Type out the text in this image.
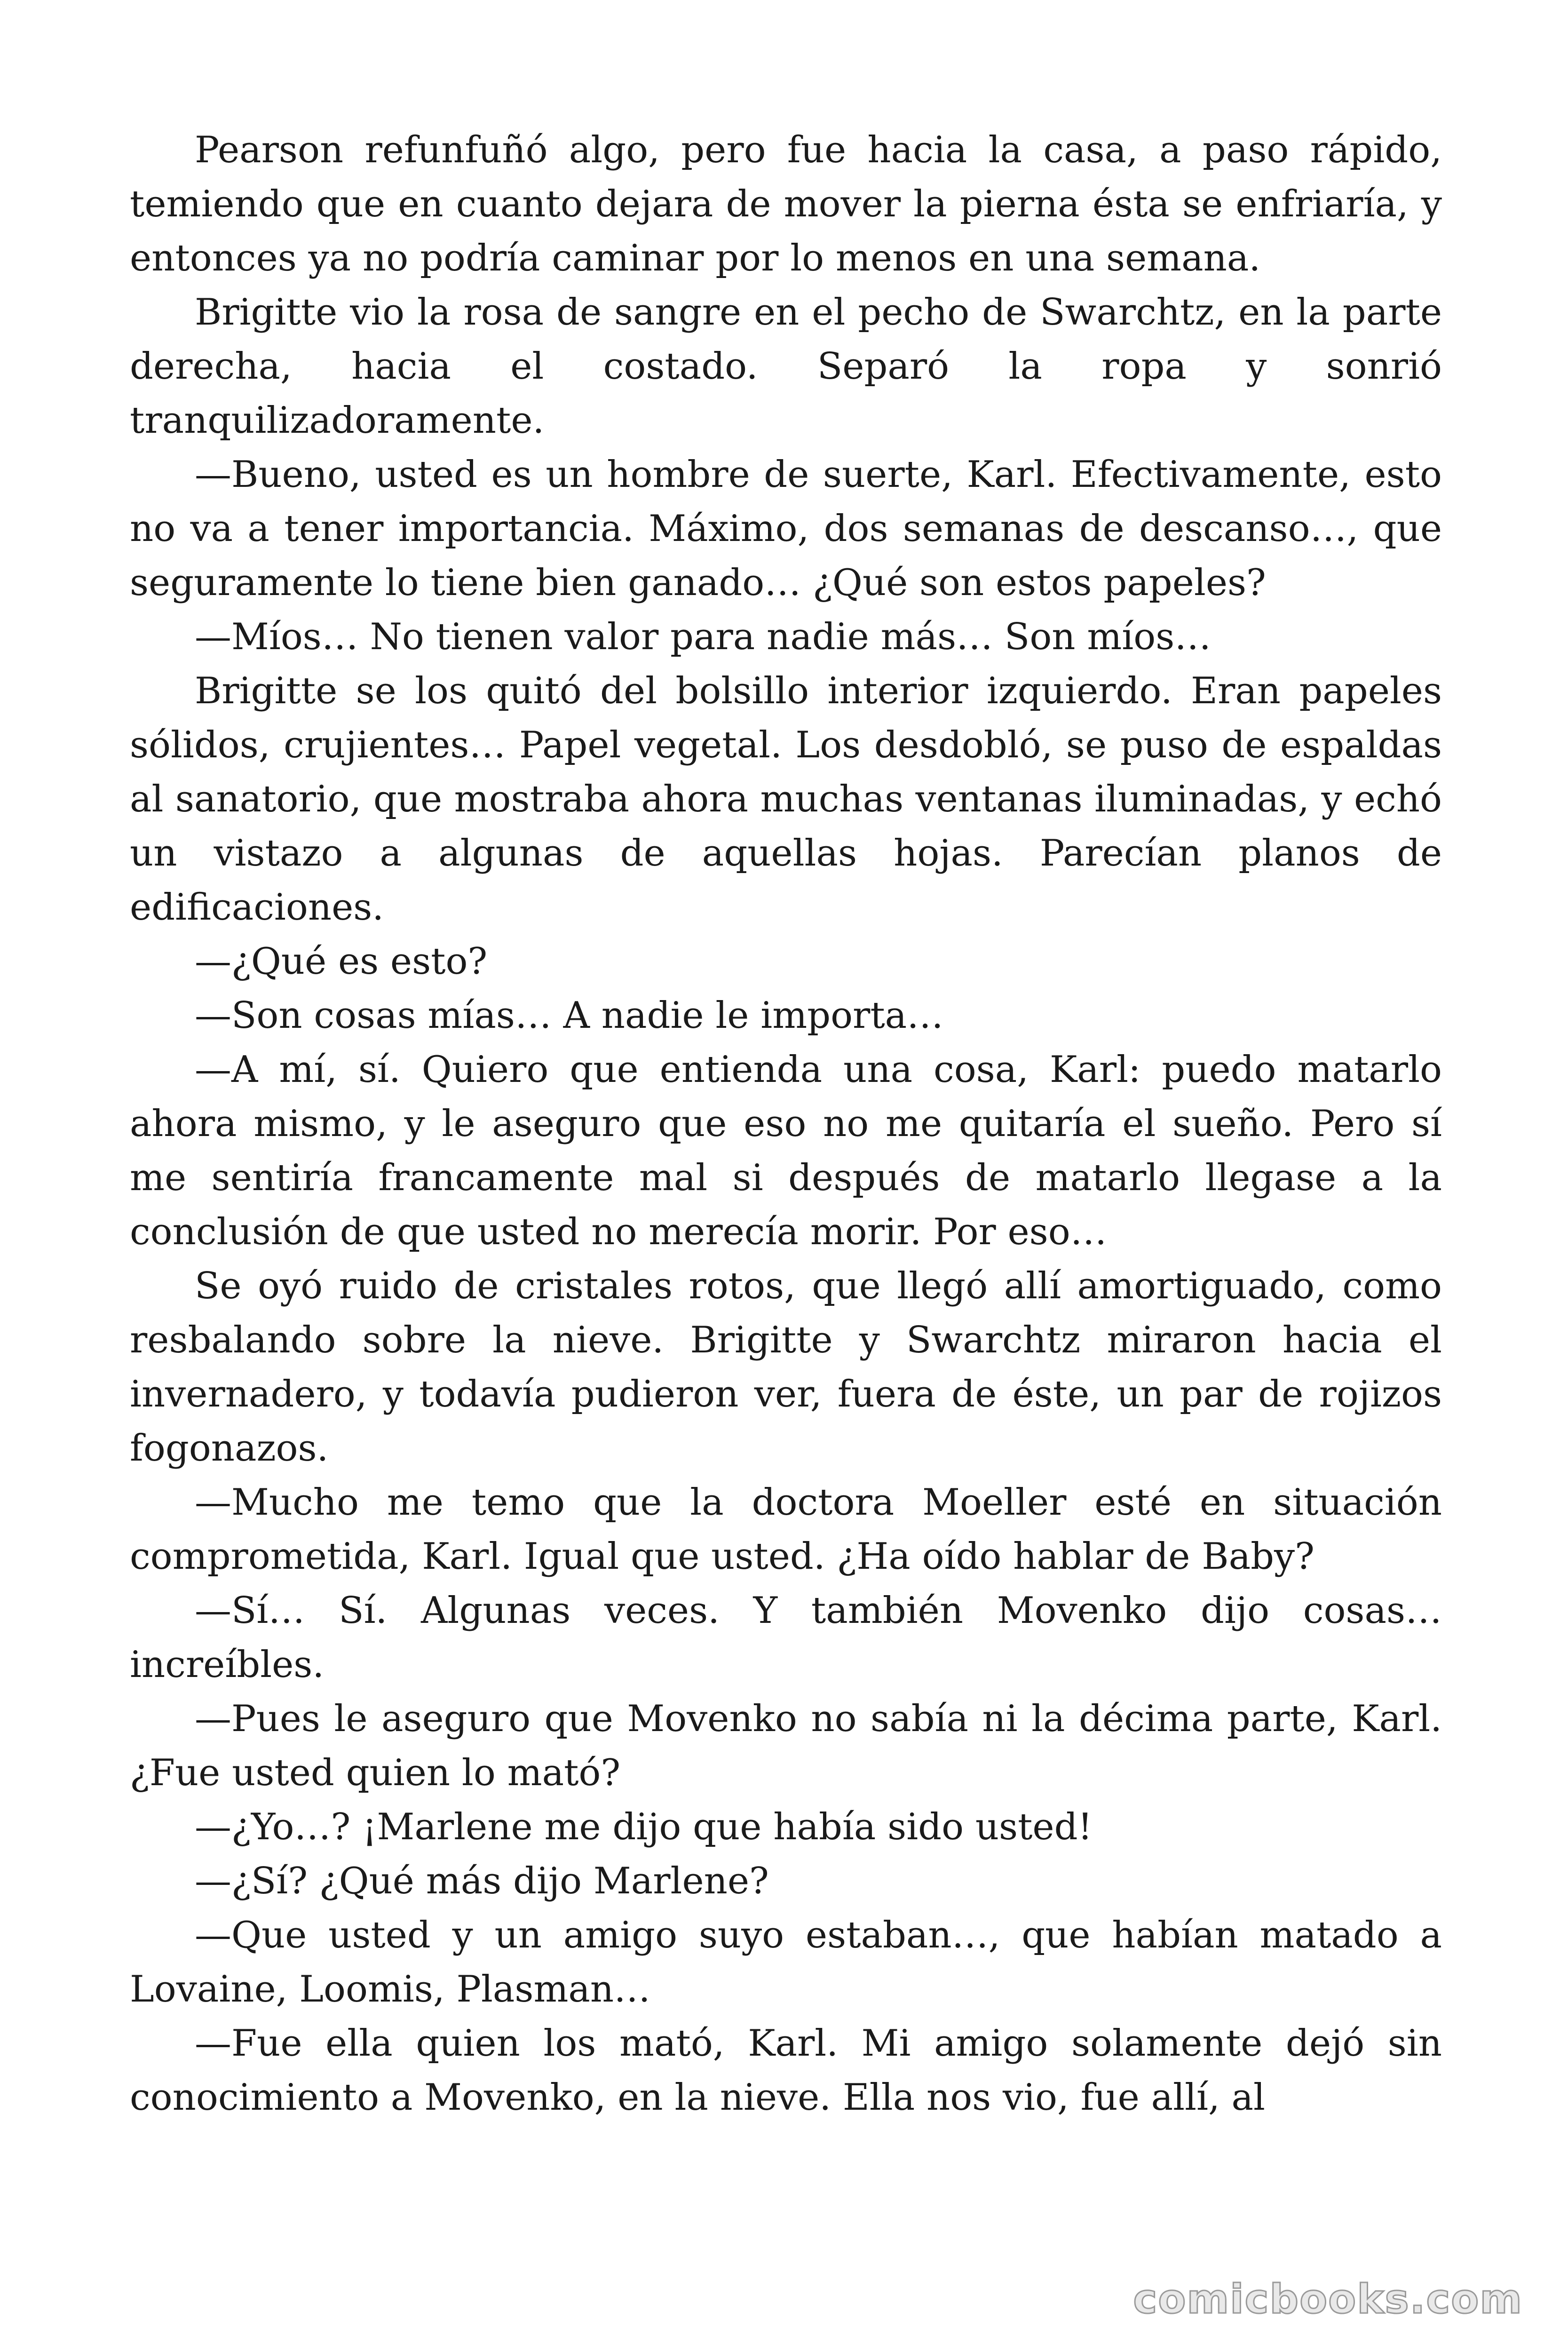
Pearson refunfuñó algo, pero fue hacia la casa, a paso rápido, temiendo que en cuanto dejara de mover la pierna ésta se enfriaría, y entonces ya no podría caminar por lo menos en una semana.

Brigitte vio la rosa de sangre en el pecho de Swarchtz, en la parte derecha, hacia el costado. Separó la ropa y sonrió tranquilizadoramente.

—Bueno, usted es un hombre de suerte, Karl. Efectivamente, esto no va a tener importancia. Máximo, dos semanas de descanso…, que seguramente lo tiene bien ganado… ¿Qué son estos papeles?

—Míos… No tienen valor para nadie más… Son míos…

Brigitte se los quitó del bolsillo interior izquierdo. Eran papeles sólidos, crujientes… Papel vegetal. Los desdobló, se puso de espaldas al sanatorio, que mostraba ahora muchas ventanas iluminadas, y echó un vistazo a algunas de aquellas hojas. Parecían planos de edificaciones.

—¿Qué es esto?

—Son cosas mías… A nadie le importa…

—A mí, sí. Quiero que entienda una cosa, Karl: puedo matarlo ahora mismo, y le aseguro que eso no me quitaría el sueño. Pero sí me sentiría francamente mal si después de matarlo llegase a la conclusión de que usted no merecía morir. Por eso…

Se oyó ruido de cristales rotos, que llegó allí amortiguado, como resbalando sobre la nieve. Brigitte y Swarchtz miraron hacia el invernadero, y todavía pudieron ver, fuera de éste, un par de rojizos fogonazos.

—Mucho me temo que la doctora Moeller esté en situación comprometida, Karl. Igual que usted. ¿Ha oído hablar de Baby?

—Sí… Sí. Algunas veces. Y también Movenko dijo cosas… increíbles.

—Pues le aseguro que Movenko no sabía ni la décima parte, Karl. ¿Fue usted quien lo mató?

—¿Yo…? ¡Marlene me dijo que había sido usted!

—¿Sí? ¿Qué más dijo Marlene?

—Que usted y un amigo suyo estaban…, que habían matado a Lovaine, Loomis, Plasman…

—Fue ella quien los mató, Karl. Mi amigo solamente dejó sin conocimiento a Movenko, en la nieve. Ella nos vio, fue allí, al

comicbooks.com
